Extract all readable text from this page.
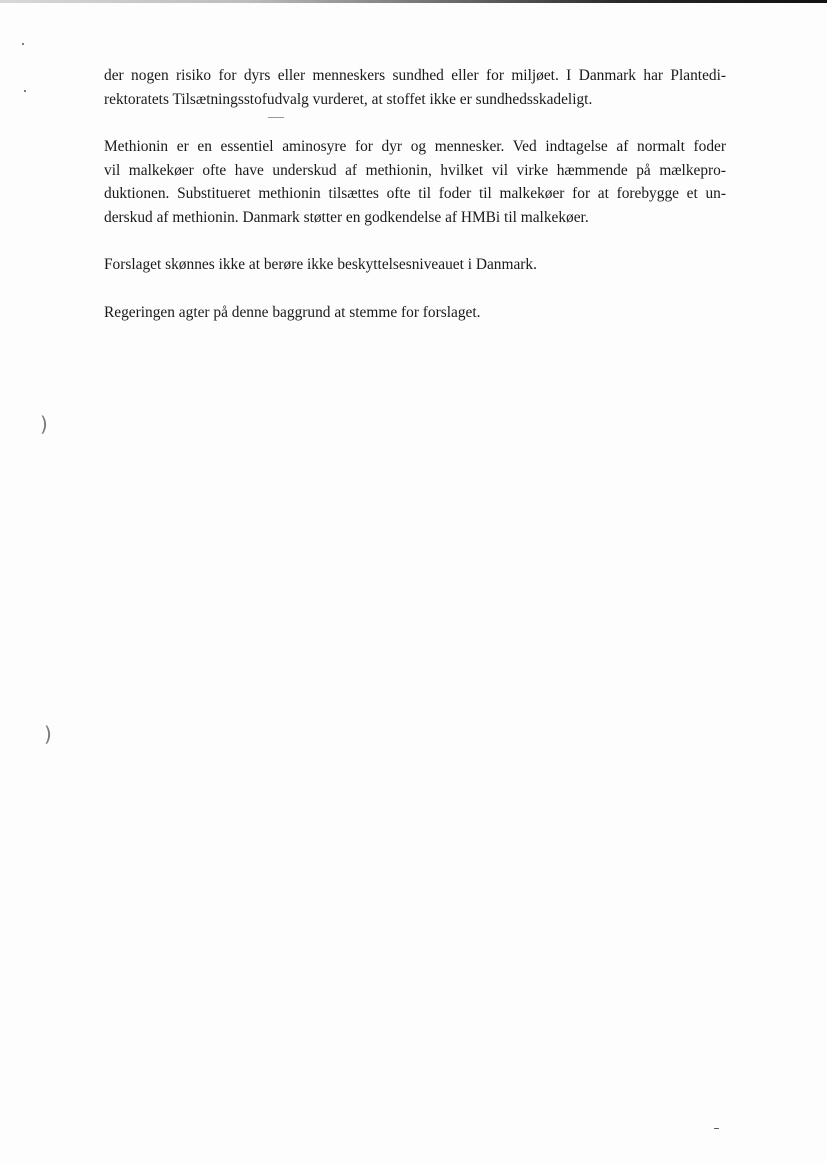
)
)

der nogen risiko for dyrs eller menneskers sundhed eller for miljøet. I Danmark har Plantedi-
rektoratets Tilsætningsstofudvalg vurderet, at stoffet ikke er sundhedsskadeligt.

Methionin er en essentiel aminosyre for dyr og mennesker. Ved indtagelse af normalt foder
vil malkekøer ofte have underskud af methionin, hvilket vil virke hæmmende på mælkepro-
duktionen. Substitueret methionin tilsættes ofte til foder til malkekøer for at forebygge et un-
derskud af methionin. Danmark støtter en godkendelse af HMBi til malkekøer.

Forslaget skønnes ikke at berøre ikke beskyttelsesniveauet i Danmark.

Regeringen agter på denne baggrund at stemme for forslaget.
